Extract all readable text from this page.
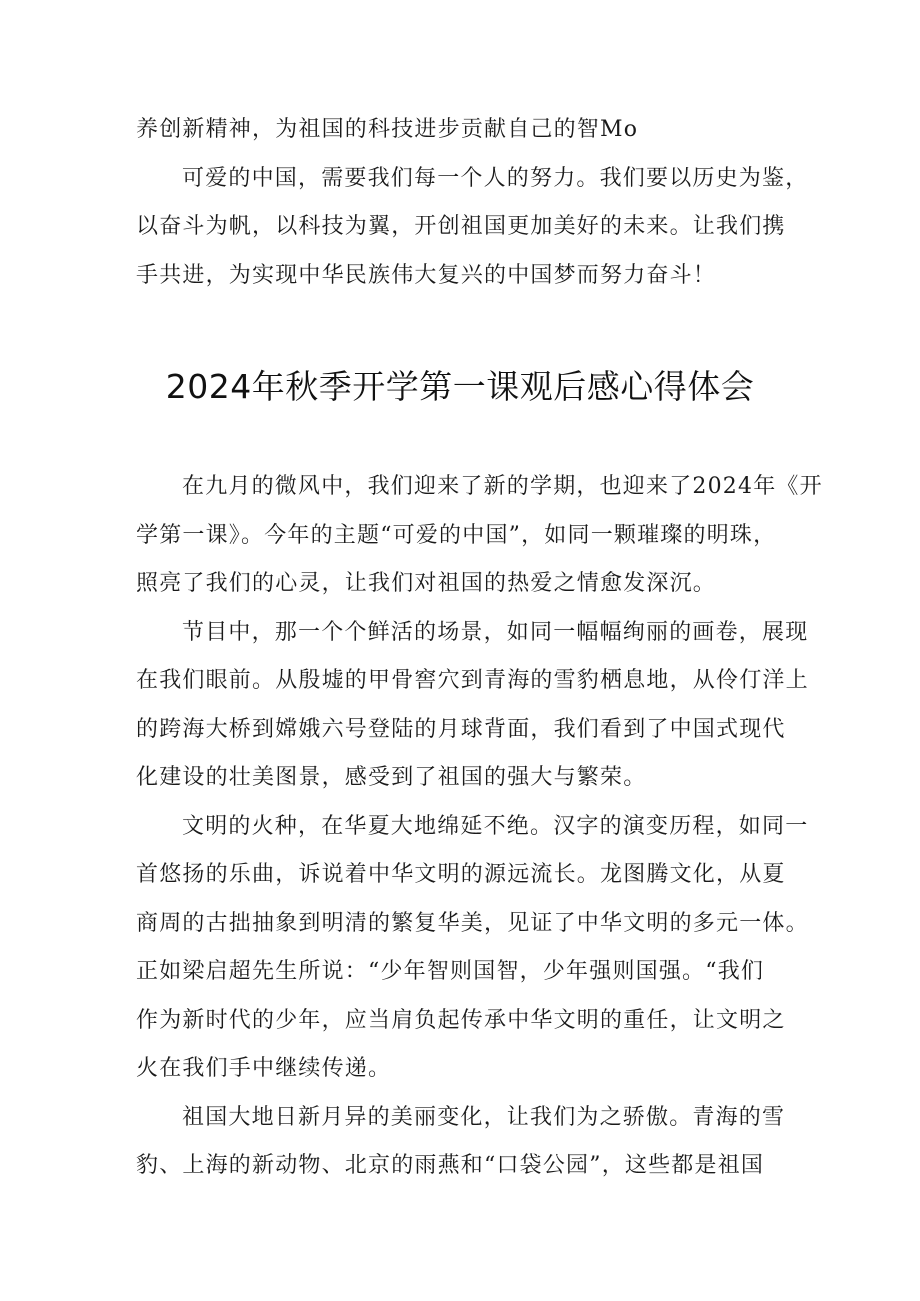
养创新精神，为祖国的科技进步贡献自己的智Mo
可爱的中国，需要我们每一个人的努力。我们要以历史为鉴，
以奋斗为帆，以科技为翼，开创祖国更加美好的未来。让我们携
手共进，为实现中华民族伟大复兴的中国梦而努力奋斗！
2024年秋季开学第一课观后感心得体会
在九月的微风中，我们迎来了新的学期，也迎来了2024年《开
学第一课》。今年的主题“可爱的中国”，如同一颗璀璨的明珠，
照亮了我们的心灵，让我们对祖国的热爱之情愈发深沉。
节目中，那一个个鲜活的场景，如同一幅幅绚丽的画卷，展现
在我们眼前。从殷墟的甲骨窖穴到青海的雪豹栖息地，从伶仃洋上
的跨海大桥到嫦娥六号登陆的月球背面，我们看到了中国式现代
化建设的壮美图景，感受到了祖国的强大与繁荣。
文明的火种，在华夏大地绵延不绝。汉字的演变历程，如同一
首悠扬的乐曲，诉说着中华文明的源远流长。龙图腾文化，从夏
商周的古拙抽象到明清的繁复华美，见证了中华文明的多元一体。
正如梁启超先生所说：“少年智则国智，少年强则国强。“我们
作为新时代的少年，应当肩负起传承中华文明的重任，让文明之
火在我们手中继续传递。
祖国大地日新月异的美丽变化，让我们为之骄傲。青海的雪
豹、上海的新动物、北京的雨燕和“口袋公园”，这些都是祖国
